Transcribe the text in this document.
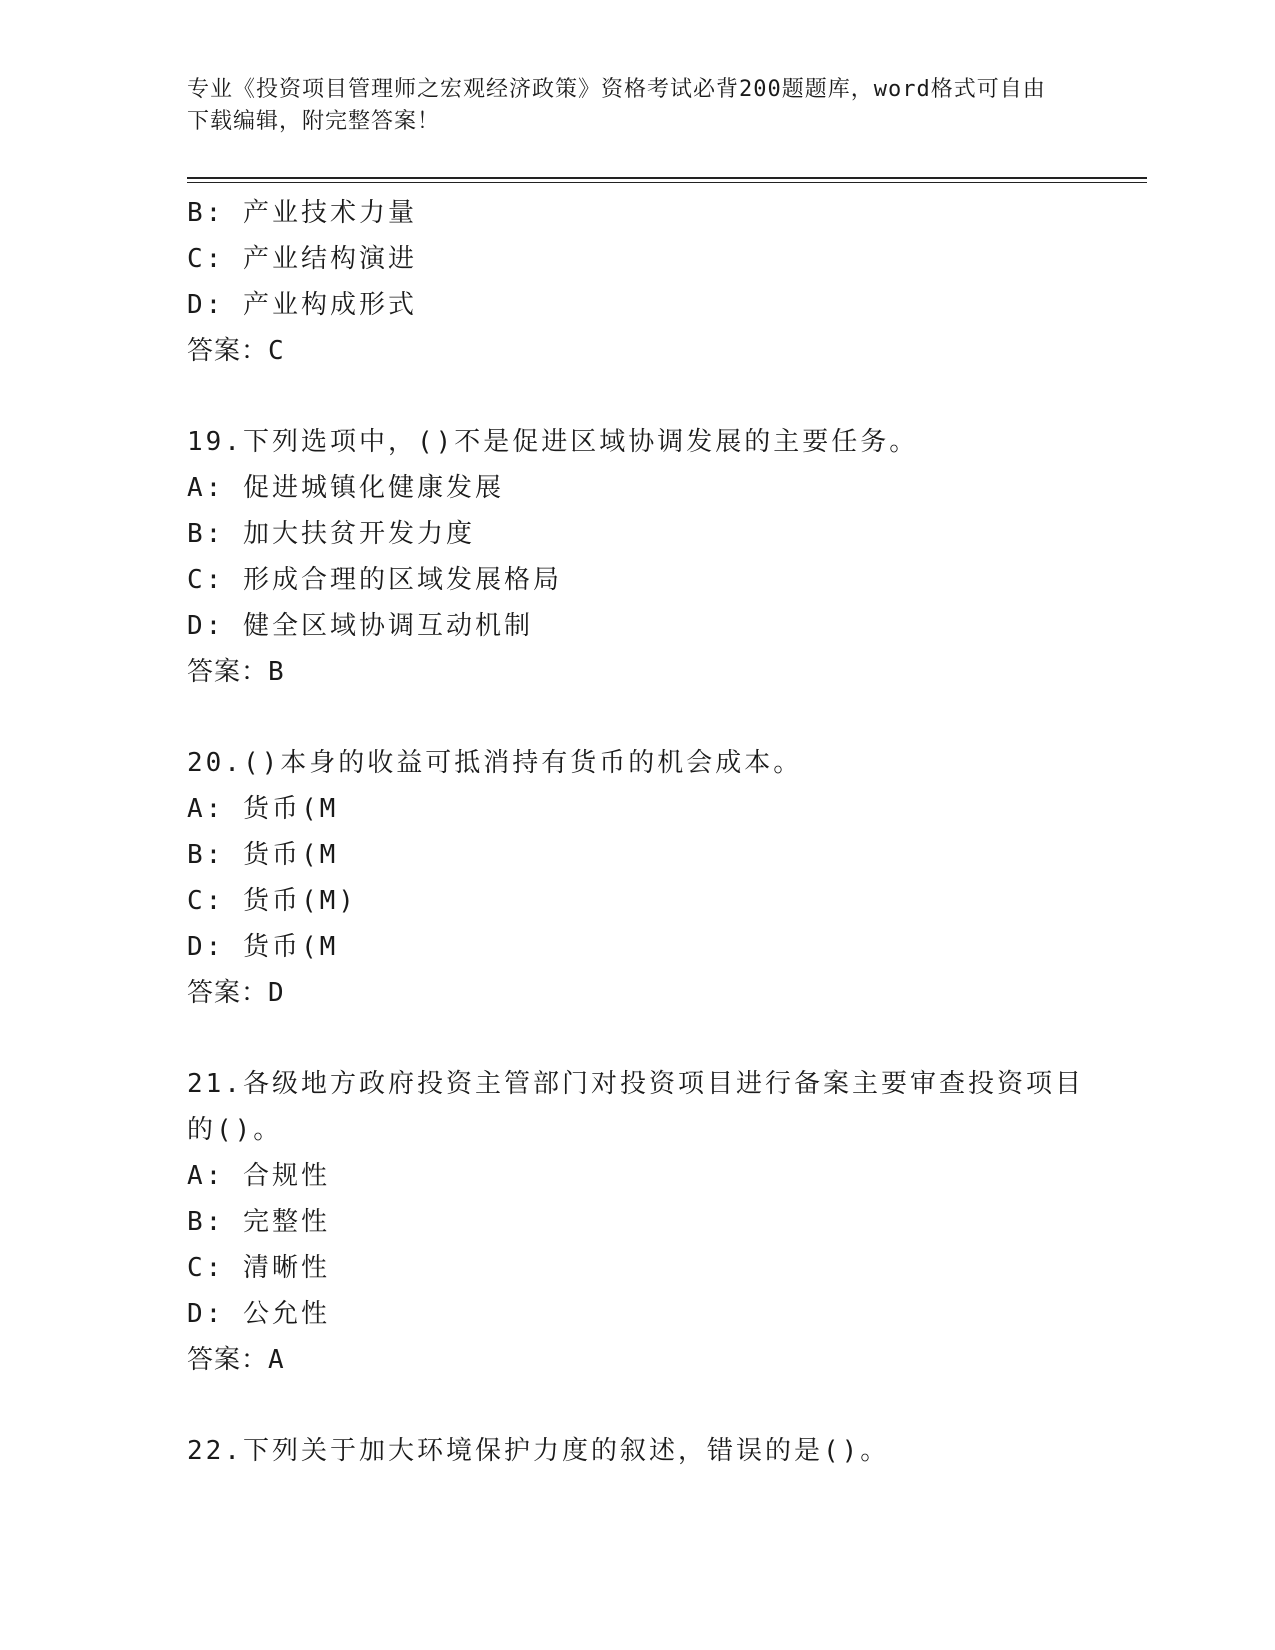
专业《投资项目管理师之宏观经济政策》资格考试必背200题题库，word格式可自由下载编辑，附完整答案！

B: 产业技术力量
C: 产业结构演进
D: 产业构成形式
答案：C
19.下列选项中，()不是促进区域协调发展的主要任务。
A: 促进城镇化健康发展
B: 加大扶贫开发力度
C: 形成合理的区域发展格局
D: 健全区域协调互动机制
答案：B
20.()本身的收益可抵消持有货币的机会成本。
A: 货币(M
B: 货币(M
C: 货币(M)
D: 货币(M
答案：D
21.各级地方政府投资主管部门对投资项目进行备案主要审查投资项目的()。
A: 合规性
B: 完整性
C: 清晰性
D: 公允性
答案：A
22.下列关于加大环境保护力度的叙述，错误的是()。
